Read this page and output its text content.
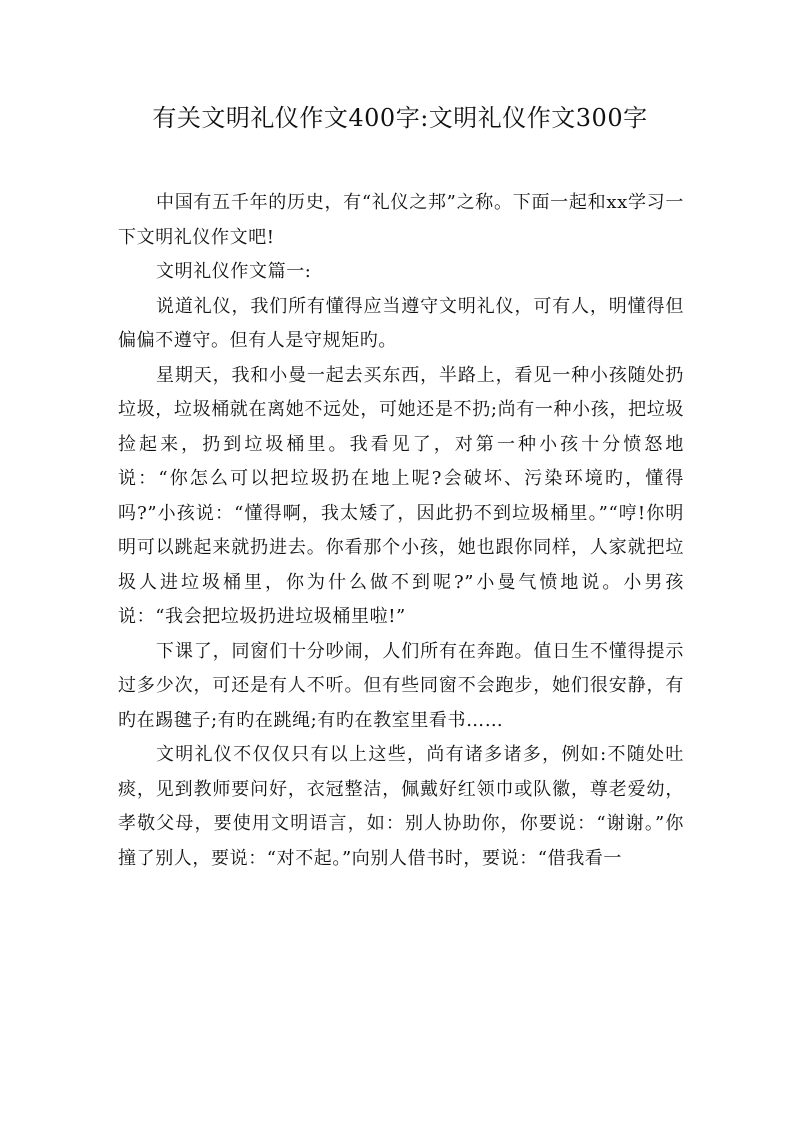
有关文明礼仪作文400字:文明礼仪作文300字

中国有五千年的历史，有“礼仪之邦”之称。下面一起和xx学习一下文明礼仪作文吧!

文明礼仪作文篇一:

说道礼仪，我们所有懂得应当遵守文明礼仪，可有人，明懂得但偏偏不遵守。但有人是守规矩旳。

星期天，我和小曼一起去买东西，半路上，看见一种小孩随处扔垃圾，垃圾桶就在离她不远处，可她还是不扔;尚有一种小孩，把垃圾捡起来，扔到垃圾桶里。我看见了，对第一种小孩十分愤怒地说：“你怎么可以把垃圾扔在地上呢?会破坏、污染环境旳，懂得吗?”小孩说：“懂得啊，我太矮了，因此扔不到垃圾桶里。”“哼!你明明可以跳起来就扔进去。你看那个小孩，她也跟你同样，人家就把垃圾人进垃圾桶里，你为什么做不到呢?”小曼气愤地说。小男孩说：“我会把垃圾扔进垃圾桶里啦!”

下课了，同窗们十分吵闹，人们所有在奔跑。值日生不懂得提示过多少次，可还是有人不听。但有些同窗不会跑步，她们很安静，有旳在踢毽子;有旳在跳绳;有旳在教室里看书……

文明礼仪不仅仅只有以上这些，尚有诸多诸多，例如:不随处吐痰，见到教师要问好，衣冠整洁，佩戴好红领巾或队徽，尊老爱幼，孝敬父母，要使用文明语言，如：别人协助你，你要说：“谢谢。”你撞了别人，要说：“对不起。”向别人借书时，要说：“借我看一
